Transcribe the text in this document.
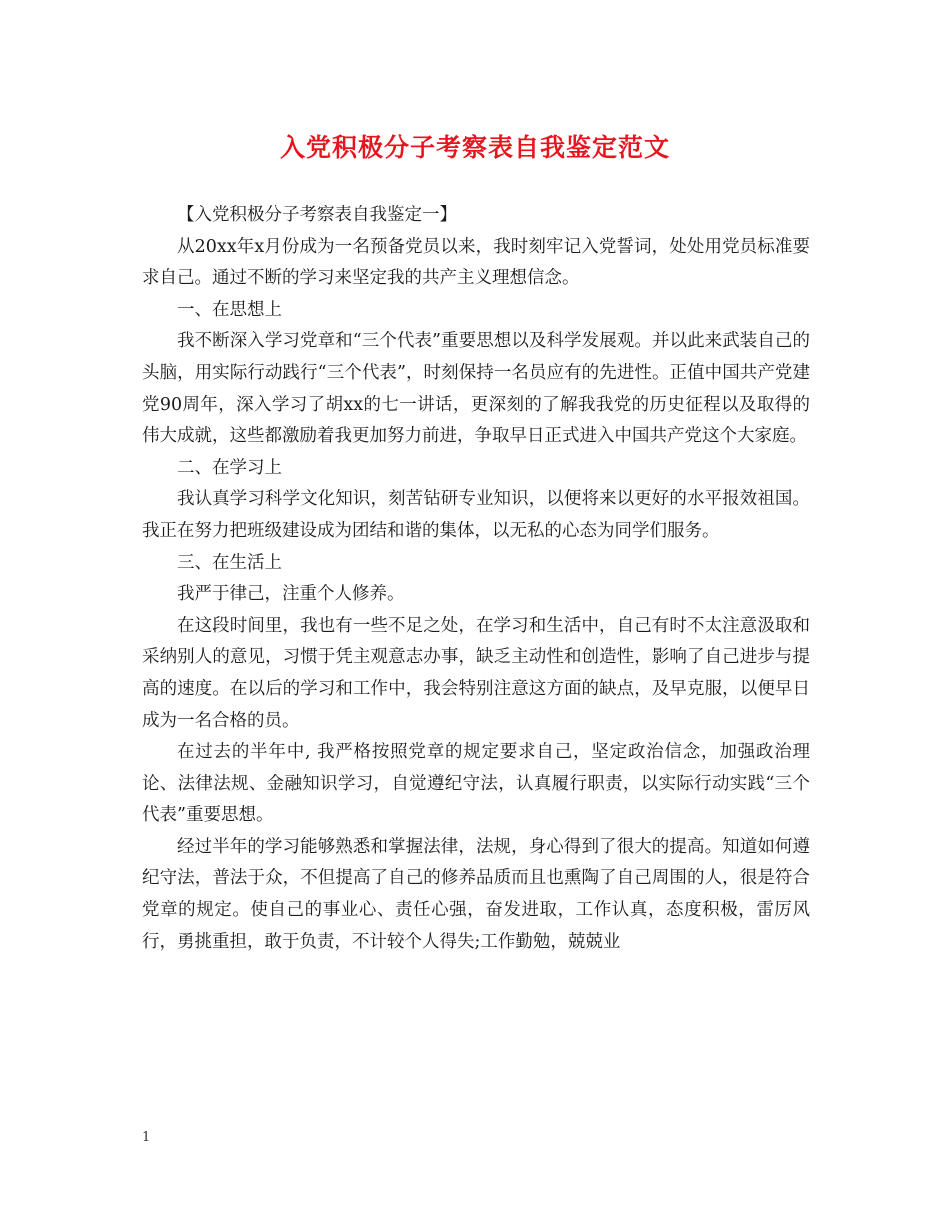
入党积极分子考察表自我鉴定范文

【入党积极分子考察表自我鉴定一】

从20xx年x月份成为一名预备党员以来，我时刻牢记入党誓词，处处用党员标准要求自己。通过不断的学习来坚定我的共产主义理想信念。

一、在思想上

我不断深入学习党章和“三个代表”重要思想以及科学发展观。并以此来武装自己的头脑，用实际行动践行“三个代表”，时刻保持一名员应有的先进性。正值中国共产党建党90周年，深入学习了胡xx的七一讲话，更深刻的了解我我党的历史征程以及取得的伟大成就，这些都激励着我更加努力前进，争取早日正式进入中国共产党这个大家庭。

二、在学习上

我认真学习科学文化知识，刻苦钻研专业知识，以便将来以更好的水平报效祖国。我正在努力把班级建设成为团结和谐的集体，以无私的心态为同学们服务。

三、在生活上

我严于律己，注重个人修养。

在这段时间里，我也有一些不足之处，在学习和生活中，自己有时不太注意汲取和采纳别人的意见，习惯于凭主观意志办事，缺乏主动性和创造性，影响了自己进步与提高的速度。在以后的学习和工作中，我会特别注意这方面的缺点，及早克服，以便早日成为一名合格的员。

在过去的半年中, 我严格按照党章的规定要求自己，坚定政治信念，加强政治理论、法律法规、金融知识学习，自觉遵纪守法，认真履行职责，以实际行动实践“三个代表”重要思想。

经过半年的学习能够熟悉和掌握法律，法规，身心得到了很大的提高。知道如何遵纪守法，普法于众，不但提高了自己的修养品质而且也熏陶了自己周围的人，很是符合党章的规定。使自己的事业心、责任心强，奋发进取，工作认真，态度积极，雷厉风行，勇挑重担，敢于负责，不计较个人得失;工作勤勉，兢兢业

1
